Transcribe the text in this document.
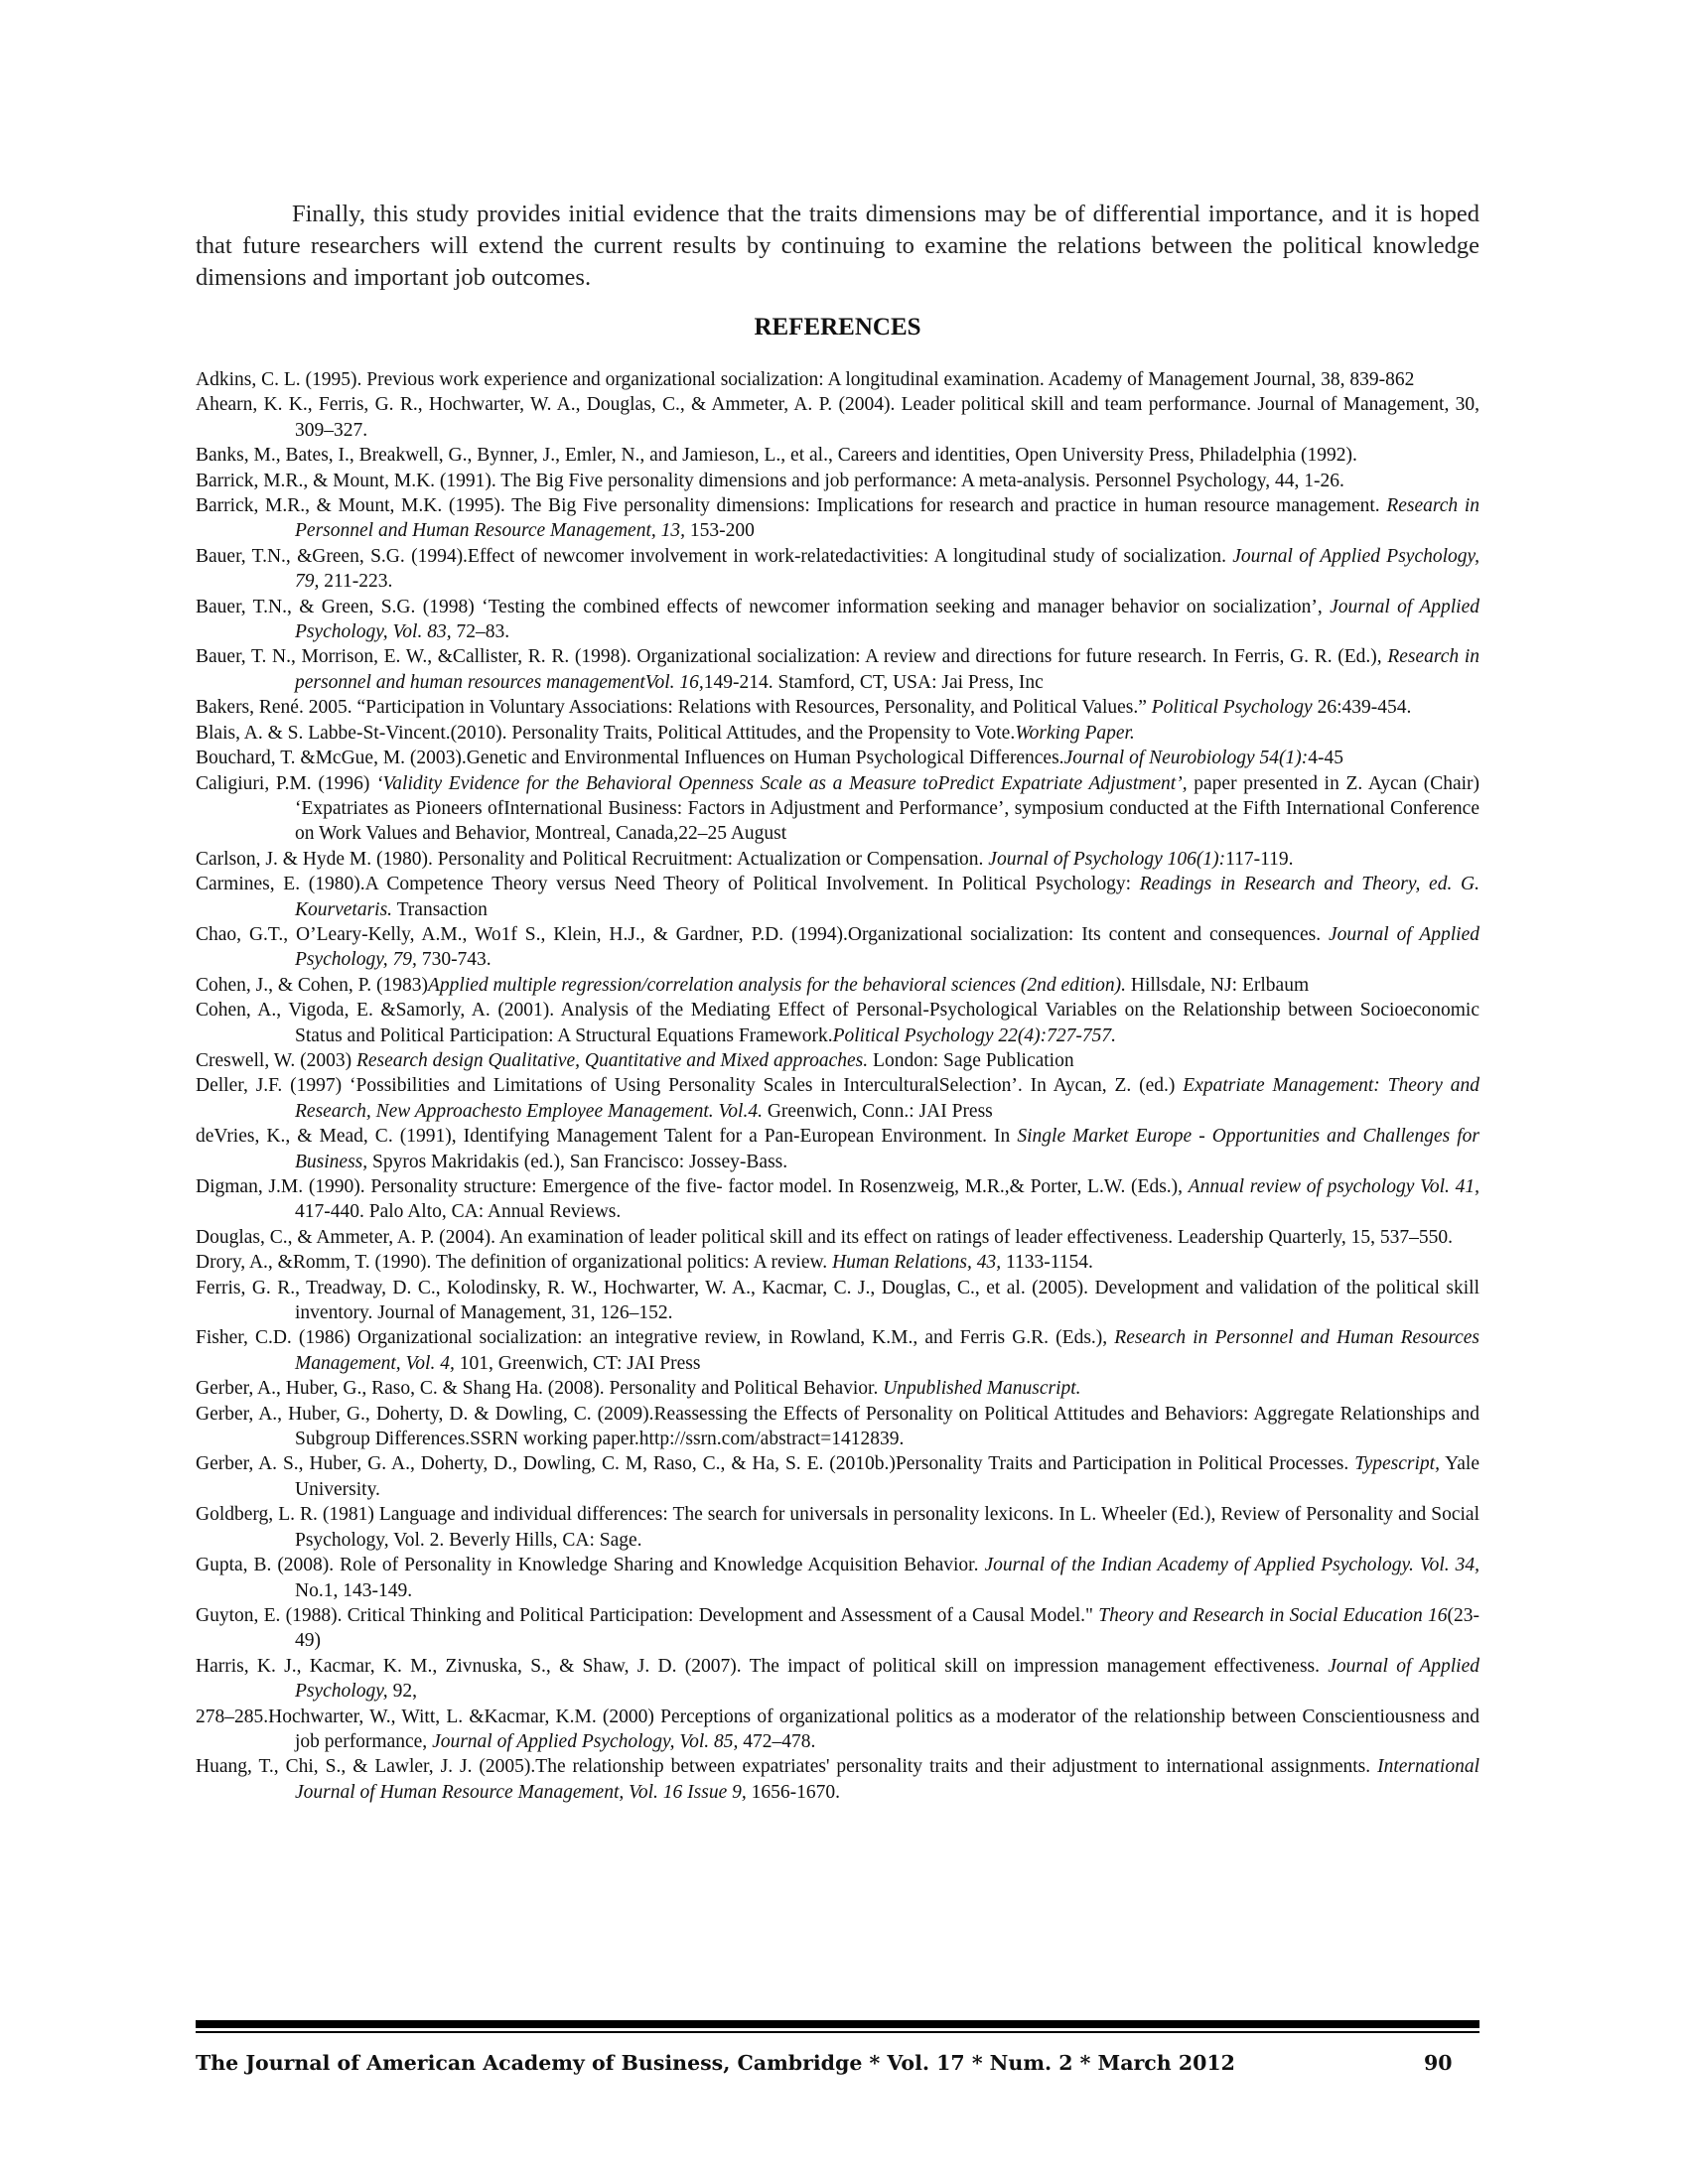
Finally, this study provides initial evidence that the traits dimensions may be of differential importance, and it is hoped that future researchers will extend the current results by continuing to examine the relations between the political knowledge dimensions and important job outcomes.

REFERENCES

Adkins, C. L. (1995). Previous work experience and organizational socialization: A longitudinal examination. Academy of Management Journal, 38, 839-862

Ahearn, K. K., Ferris, G. R., Hochwarter, W. A., Douglas, C., & Ammeter, A. P. (2004). Leader political skill and team performance. Journal of Management, 30, 309–327.

Banks, M., Bates, I., Breakwell, G., Bynner, J., Emler, N., and Jamieson, L., et al., Careers and identities, Open University Press, Philadelphia (1992).

Barrick, M.R., & Mount, M.K. (1991). The Big Five personality dimensions and job performance: A meta-analysis. Personnel Psychology, 44, 1-26.

Barrick, M.R., & Mount, M.K. (1995). The Big Five personality dimensions: Implications for research and practice in human resource management. Research in Personnel and Human Resource Management, 13, 153-200

Bauer, T.N., &Green, S.G. (1994).Effect of newcomer involvement in work-relatedactivities: A longitudinal study of socialization. Journal of Applied Psychology, 79, 211-223.

Bauer, T.N., & Green, S.G. (1998) ‘Testing the combined effects of newcomer information seeking and manager behavior on socialization’, Journal of Applied Psychology, Vol. 83, 72–83.

Bauer, T. N., Morrison, E. W., &Callister, R. R. (1998). Organizational socialization: A review and directions for future research. In Ferris, G. R. (Ed.), Research in personnel and human resources managementVol. 16,149-214. Stamford, CT, USA: Jai Press, Inc

Bakers, René. 2005. “Participation in Voluntary Associations: Relations with Resources, Personality, and Political Values.” Political Psychology 26:439-454.

Blais, A. & S. Labbe-St-Vincent.(2010). Personality Traits, Political Attitudes, and the Propensity to Vote.Working Paper.

Bouchard, T. &McGue, M. (2003).Genetic and Environmental Influences on Human Psychological Differences.Journal of Neurobiology 54(1):4-45

Caligiuri, P.M. (1996) ‘Validity Evidence for the Behavioral Openness Scale as a Measure toPredict Expatriate Adjustment’, paper presented in Z. Aycan (Chair) ‘Expatriates as Pioneers ofInternational Business: Factors in Adjustment and Performance’, symposium conducted at the Fifth International Conference on Work Values and Behavior, Montreal, Canada,22–25 August

Carlson, J. & Hyde M. (1980). Personality and Political Recruitment: Actualization or Compensation. Journal of Psychology 106(1):117-119.

Carmines, E. (1980).A Competence Theory versus Need Theory of Political Involvement. In Political Psychology: Readings in Research and Theory, ed. G. Kourvetaris. Transaction

Chao, G.T., O’Leary-Kelly, A.M., Wo1f S., Klein, H.J., & Gardner, P.D. (1994).Organizational socialization: Its content and consequences. Journal of Applied Psychology, 79, 730-743.

Cohen, J., & Cohen, P. (1983)Applied multiple regression/correlation analysis for the behavioral sciences (2nd edition). Hillsdale, NJ: Erlbaum

Cohen, A., Vigoda, E. &Samorly, A. (2001). Analysis of the Mediating Effect of Personal-Psychological Variables on the Relationship between Socioeconomic Status and Political Participation: A Structural Equations Framework.Political Psychology 22(4):727-757.

Creswell, W. (2003) Research design Qualitative, Quantitative and Mixed approaches. London: Sage Publication

Deller, J.F. (1997) ‘Possibilities and Limitations of Using Personality Scales in InterculturalSelection’. In Aycan, Z. (ed.) Expatriate Management: Theory and Research, New Approachesto Employee Management. Vol.4. Greenwich, Conn.: JAI Press

deVries, K., & Mead, C. (1991), Identifying Management Talent for a Pan-European Environment. In Single Market Europe - Opportunities and Challenges for Business, Spyros Makridakis (ed.), San Francisco: Jossey-Bass.

Digman, J.M. (1990). Personality structure: Emergence of the five- factor model. In Rosenzweig, M.R.,& Porter, L.W. (Eds.), Annual review of psychology Vol. 41, 417-440. Palo Alto, CA: Annual Reviews.

Douglas, C., & Ammeter, A. P. (2004). An examination of leader political skill and its effect on ratings of leader effectiveness. Leadership Quarterly, 15, 537–550.

Drory, A., &Romm, T. (1990). The definition of organizational politics: A review. Human Relations, 43, 1133-1154.

Ferris, G. R., Treadway, D. C., Kolodinsky, R. W., Hochwarter, W. A., Kacmar, C. J., Douglas, C., et al. (2005). Development and validation of the political skill inventory. Journal of Management, 31, 126–152.

Fisher, C.D. (1986) Organizational socialization: an integrative review, in Rowland, K.M., and Ferris G.R. (Eds.), Research in Personnel and Human Resources Management, Vol. 4, 101, Greenwich, CT: JAI Press

Gerber, A., Huber, G., Raso, C. & Shang Ha. (2008). Personality and Political Behavior. Unpublished Manuscript.

Gerber, A., Huber, G., Doherty, D. & Dowling, C. (2009).Reassessing the Effects of Personality on Political Attitudes and Behaviors: Aggregate Relationships and Subgroup Differences.SSRN working paper.http://ssrn.com/abstract=1412839.

Gerber, A. S., Huber, G. A., Doherty, D., Dowling, C. M, Raso, C., & Ha, S. E. (2010b.)Personality Traits and Participation in Political Processes. Typescript, Yale University.

Goldberg, L. R. (1981) Language and individual differences: The search for universals in personality lexicons. In L. Wheeler (Ed.), Review of Personality and Social Psychology, Vol. 2. Beverly Hills, CA: Sage.

Gupta, B. (2008). Role of Personality in Knowledge Sharing and Knowledge Acquisition Behavior. Journal of the Indian Academy of Applied Psychology. Vol. 34, No.1, 143-149.

Guyton, E. (1988). Critical Thinking and Political Participation: Development and Assessment of a Causal Model." Theory and Research in Social Education 16(23-49)

Harris, K. J., Kacmar, K. M., Zivnuska, S., & Shaw, J. D. (2007). The impact of political skill on impression management effectiveness. Journal of Applied Psychology, 92,

278–285.Hochwarter, W., Witt, L. &Kacmar, K.M. (2000) Perceptions of organizational politics as a moderator of the relationship between Conscientiousness and job performance, Journal of Applied Psychology, Vol. 85, 472–478.

Huang, T., Chi, S., & Lawler, J. J. (2005).The relationship between expatriates' personality traits and their adjustment to international assignments. International Journal of Human Resource Management, Vol. 16 Issue 9, 1656-1670.

The Journal of American Academy of Business, Cambridge * Vol. 17 * Num. 2 * March 2012	90
